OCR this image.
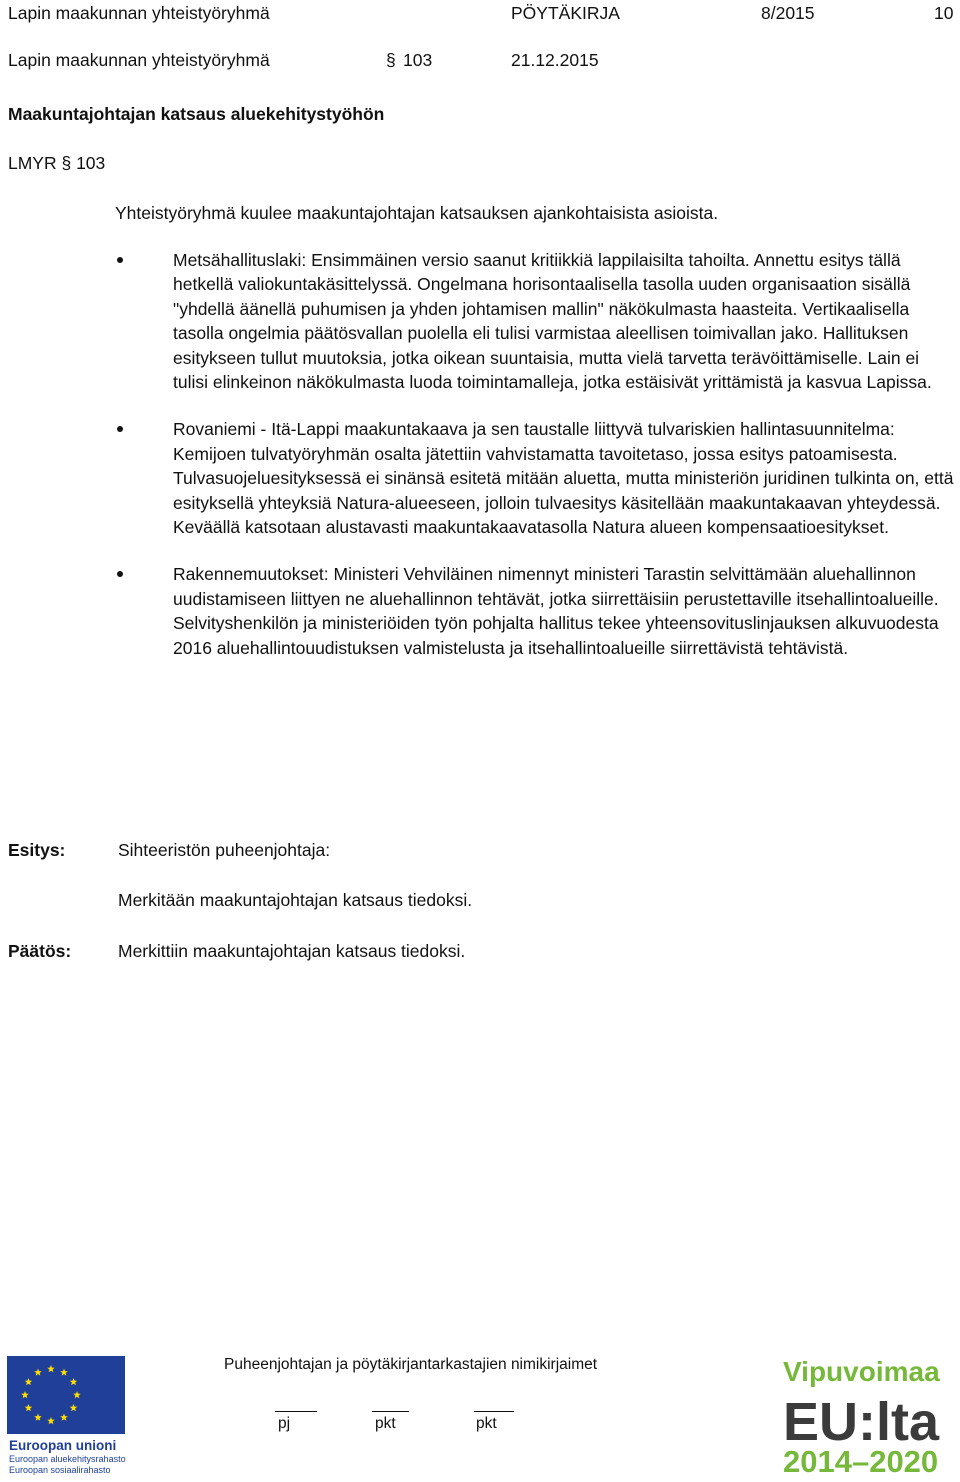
Lapin maakunnan yhteistyöryhmä	PÖYTÄKIRJA	8/2015	10
Lapin maakunnan yhteistyöryhmä	§ 103	21.12.2015
Maakuntajohtajan katsaus aluekehitystyöhön
LMYR § 103
Yhteistyöryhmä kuulee maakuntajohtajan katsauksen ajankohtaisista asioista.
Metsähallituslaki: Ensimmäinen versio saanut kritiikkiä lappilaisilta tahoilta. Annettu esitys tällä hetkellä valiokuntakäsittelyssä. Ongelmana horisontaalisella tasolla uuden organisaation sisällä "yhdellä äänellä puhumisen ja yhden johtamisen mallin" näkökulmasta haasteita. Vertikaalisella tasolla ongelmia päätösvallan puolella eli tulisi varmistaa aleellisen toimivallan jako. Hallituksen esitykseen tullut muutoksia, jotka oikean suuntaisia, mutta vielä tarvetta terävöittämiselle. Lain ei tulisi elinkeinon näkökulmasta luoda toimintamalleja, jotka estäisivät yrittämistä ja kasvua Lapissa.
Rovaniemi - Itä-Lappi maakuntakaava ja sen taustalle liittyvä tulvariskien hallintasuunnitelma: Kemijoen tulvatyöryhmän osalta jätettiin vahvistamatta tavoitetaso, jossa esitys patoamisesta. Tulvasuojeluesityksessä ei sinänsä esitetä mitään aluetta, mutta ministeriön juridinen tulkinta on, että esityksellä yhteyksiä Natura-alueeseen, jolloin tulvaesitys käsitellään maakuntakaavan yhteydessä. Keväällä katsotaan alustavasti maakuntakaavatasolla Natura alueen kompensaatioesitykset.
Rakennemuutokset: Ministeri Vehviläinen nimennyt ministeri Tarastin selvittämään aluehallinnon uudistamiseen liittyen ne aluehallinnon tehtävät, jotka siirrettäisiin perustettaville itsehallintoalueille. Selvityshenkilön ja ministeriöiden työn pohjalta hallitus tekee yhteensovituslinjauksen alkuvuodesta 2016 aluehallintouudistuksen valmistelusta ja itsehallintoalueille siirrettävistä tehtävistä.
Esitys:	Sihteeristön puheenjohtaja:
Merkitään maakuntajohtajan katsaus tiedoksi.
Päätös:	Merkittiin maakuntajohtajan katsaus tiedoksi.
Puheenjohtajan ja pöytäkirjantarkastajien nimikirjaimet
pj	pkt	pkt
Euroopan unioni
Euroopan aluekehitysrahasto
Euroopan sosiaalirahasto
Vipuvoimaa
EU:lta
2014–2020
